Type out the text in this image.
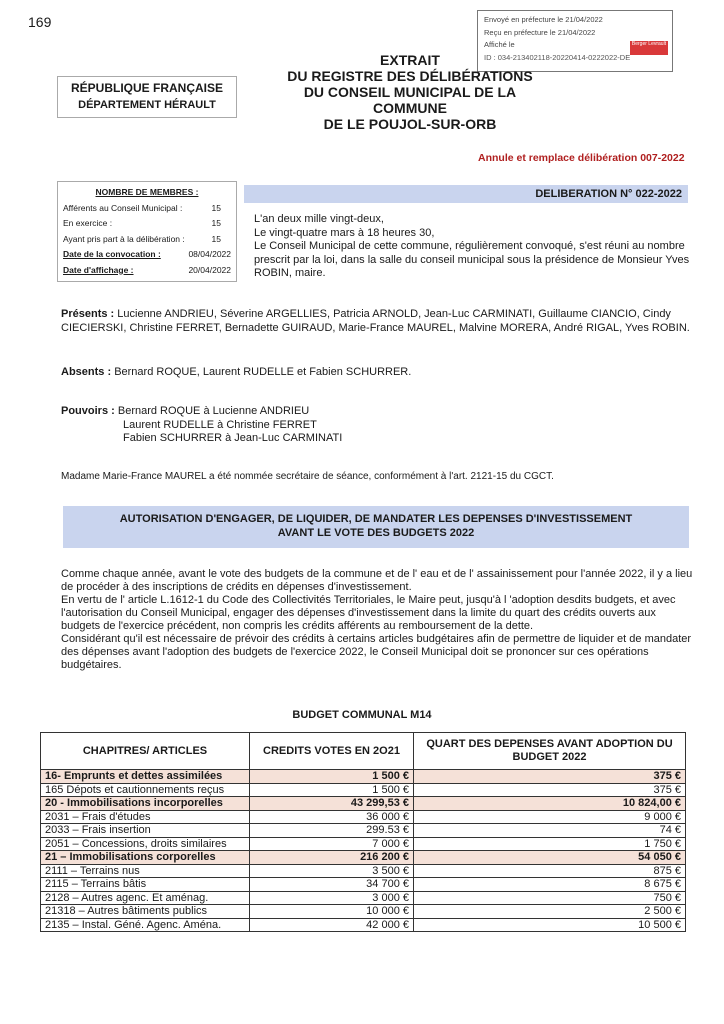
169	Envoyé en préfecture le 21/04/2022
Reçu en préfecture le 21/04/2022
Affiché le
ID : 034-213402118-20220414-0222022-DE
Berger Levrault
EXTRAIT
DU REGISTRE DES DÉLIBÉRATIONS
DU CONSEIL MUNICIPAL DE LA
COMMUNE
DE LE POUJOL-SUR-ORB
RÉPUBLIQUE FRANÇAISE
DÉPARTEMENT HÉRAULT
Annule et remplace délibération 007-2022
NOMBRE DE MEMBRES :
Afférents au Conseil Municipal :	15
En exercice :	15
Ayant pris part à la délibération :	15
Date de la convocation :	08/04/2022
Date d'affichage :	20/04/2022
DELIBERATION N° 022-2022
L'an deux mille vingt-deux,
Le vingt-quatre mars à 18 heures 30,
Le Conseil Municipal de cette commune, régulièrement convoqué, s'est réuni au nombre prescrit par la loi, dans la salle du conseil municipal sous la présidence de Monsieur Yves ROBIN, maire.
Présents : Lucienne ANDRIEU, Séverine ARGELLIES, Patricia ARNOLD, Jean-Luc CARMINATI, Guillaume CIANCIO, Cindy CIECIERSKI, Christine FERRET, Bernadette GUIRAUD, Marie-France MAUREL, Malvine MORERA, André RIGAL, Yves ROBIN.
Absents : Bernard ROQUE, Laurent RUDELLE et Fabien SCHURRER.
Pouvoirs : Bernard ROQUE à Lucienne ANDRIEU
Laurent RUDELLE à Christine FERRET
Fabien SCHURRER à Jean-Luc CARMINATI
Madame Marie-France MAUREL a été nommée secrétaire de séance, conformément à l'art. 2121-15 du CGCT.
AUTORISATION D'ENGAGER, DE LIQUIDER, DE MANDATER LES DEPENSES D'INVESTISSEMENT
AVANT LE VOTE DES BUDGETS 2022

Comme chaque année, avant le vote des budgets de la commune et de l' eau et de l' assainissement pour l'année 2022, il y a lieu de procéder à des inscriptions de crédits en dépenses d'investissement.

En vertu de l' article L.1612-1 du Code des Collectivités Territoriales, le Maire peut, jusqu'à l 'adoption desdits budgets, et avec l'autorisation du Conseil Municipal, engager des dépenses d'investissement dans la limite du quart des crédits ouverts aux budgets de l'exercice précédent, non compris les crédits afférents au remboursement de la dette.

Considérant qu'il est nécessaire de prévoir des crédits à certains articles budgétaires afin de permettre de liquider et de mandater des dépenses avant l'adoption des budgets de l'exercice 2022, le Conseil Municipal doit se prononcer sur ces opérations budgétaires.

BUDGET COMMUNAL M14
CHAPITRES/ ARTICLES	CREDITS VOTES EN 2O21	QUART DES DEPENSES AVANT ADOPTION DU BUDGET 2022
16- Emprunts et dettes assimilées	1 500 €	375 €
165 Dépots et cautionnements reçus	1 500 €	375 €
20 - Immobilisations incorporelles	43 299,53 €	10 824,00 €
2031 – Frais d'études	36 000 €	9 000 €
2033 – Frais insertion	299.53 €	74 €
2051 – Concessions, droits similaires	7 000 €	1 750 €
21 – Immobilisations corporelles	216 200 €	54 050 €
2111 – Terrains nus	3 500 €	875 €
2115 – Terrains bâtis	34 700 €	8 675 €
2128 – Autres agenc. Et aménag.	3 000 €	750 €
21318 – Autres bâtiments publics	10 000 €	2 500 €
2135 – Instal. Géné. Agenc. Aména.	42 000 €	10 500 €
